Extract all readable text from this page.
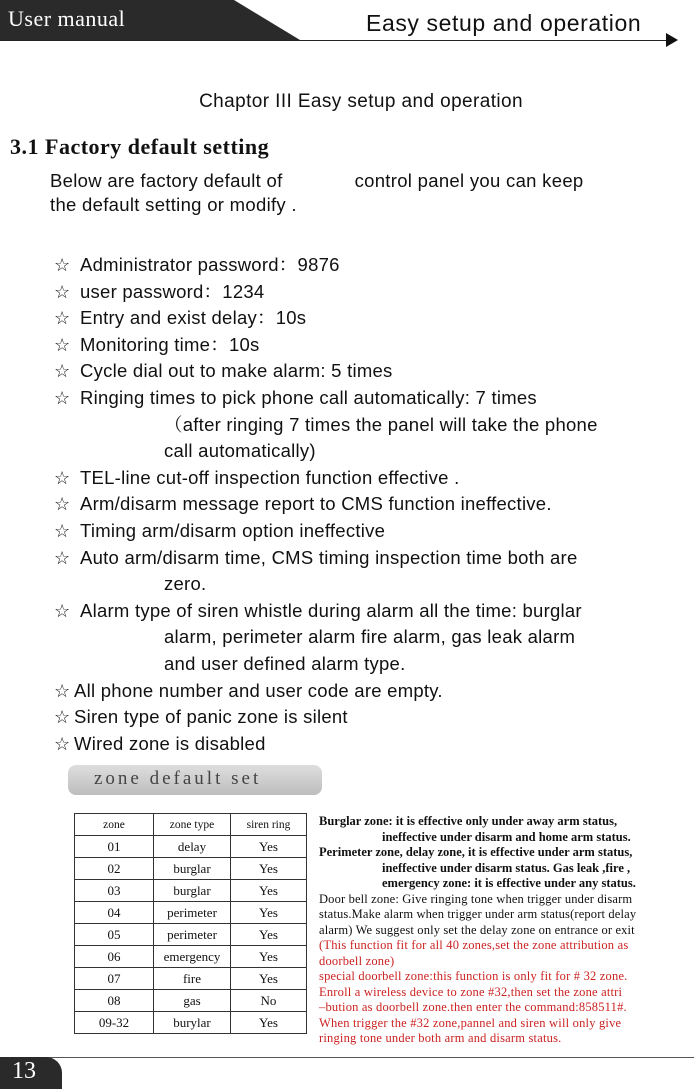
User manual	Easy setup and operation
Chaptor III Easy setup and operation
3.1 Factory default setting
Below are factory default of	control panel you can keep
the default setting or modify .
☆ Administrator password：9876
☆ user password：1234
☆ Entry and exist delay：10s
☆ Monitoring time：10s
☆ Cycle dial out to make alarm: 5 times
☆ Ringing times to pick phone call automatically: 7 times
（after ringing 7 times the panel will take the phone
call automatically)
☆ TEL-line cut-off inspection function effective .
☆ Arm/disarm message report to CMS function ineffective.
☆ Timing arm/disarm option ineffective
☆ Auto arm/disarm time, CMS timing inspection time both are
zero.
☆ Alarm type of siren whistle during alarm all the time: burglar
alarm, perimeter alarm fire alarm, gas leak alarm
and user defined alarm type.
☆ All phone number and user code are empty.
☆ Siren type of panic zone is silent
☆ Wired zone is disabled
zone default set
zone	zone type	siren ring
01	delay	Yes
02	burglar	Yes
03	burglar	Yes
04	perimeter	Yes
05	perimeter	Yes
06	emergency	Yes
07	fire	Yes
08	gas	No
09-32	burylar	Yes
Burglar zone: it is effective only under away arm status,
ineffective under disarm and home arm status.
Perimeter zone, delay zone, it is effective under arm status,
ineffective under disarm status. Gas leak ,fire ,
emergency zone: it is effective under any status.
Door bell zone: Give ringing tone when trigger under disarm
status.Make alarm when trigger under arm status(report delay
alarm) We suggest only set the delay zone on entrance or exit
(This function fit for all 40 zones,set the zone attribution as
doorbell zone)
special doorbell zone:this function is only fit for # 32 zone.
Enroll a wireless device to zone #32,then set the zone attri
–bution as doorbell zone.then enter the command:858511#.
When trigger the #32 zone,pannel and siren will only give
ringing tone under both arm and disarm status.
13
